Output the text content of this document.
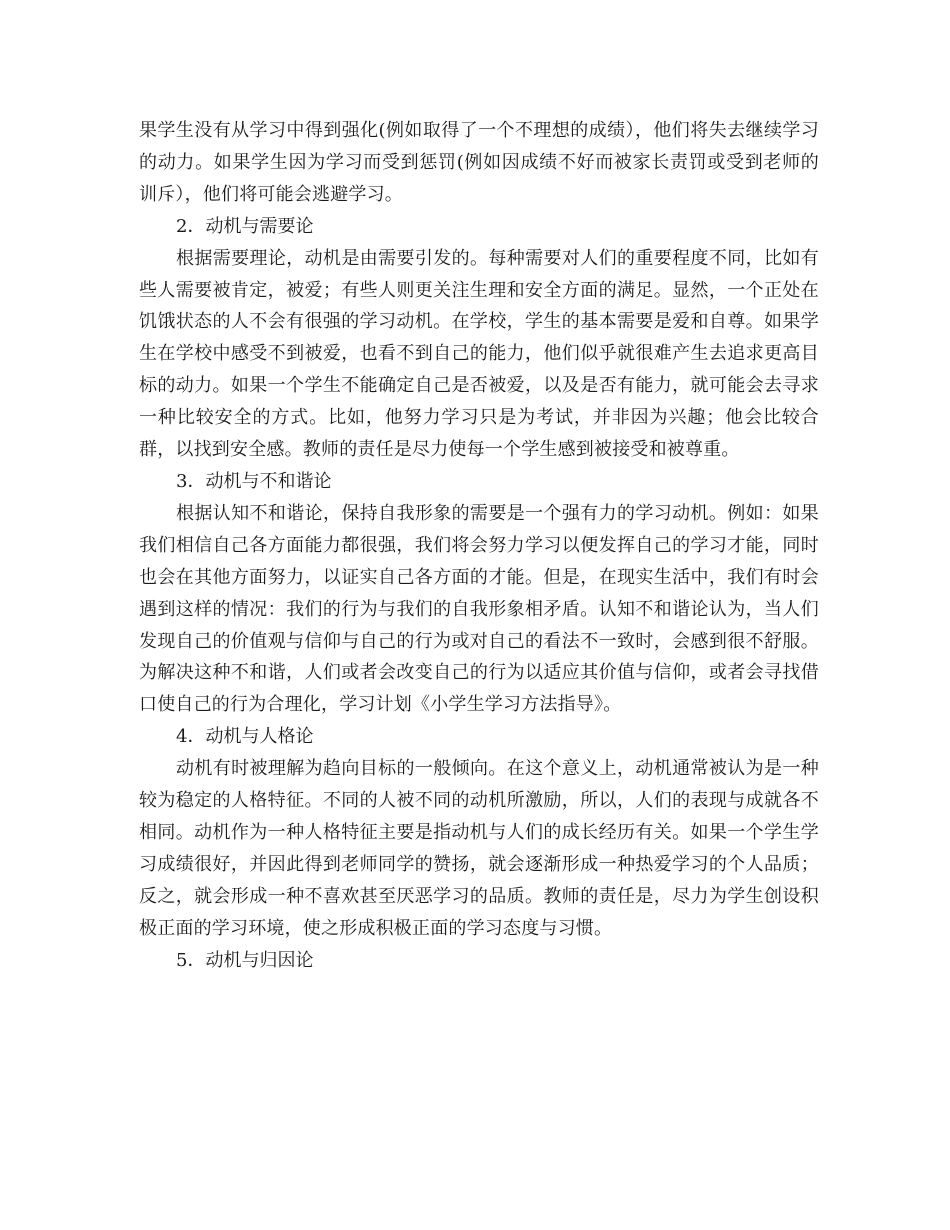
果学生没有从学习中得到强化(例如取得了一个不理想的成绩），他们将失去继续学习的动力。如果学生因为学习而受到惩罚(例如因成绩不好而被家长责罚或受到老师的训斥），他们将可能会逃避学习。

2．动机与需要论

根据需要理论，动机是由需要引发的。每种需要对人们的重要程度不同，比如有些人需要被肯定，被爱；有些人则更关注生理和安全方面的满足。显然，一个正处在饥饿状态的人不会有很强的学习动机。在学校，学生的基本需要是爱和自尊。如果学生在学校中感受不到被爱，也看不到自己的能力，他们似乎就很难产生去追求更高目标的动力。如果一个学生不能确定自己是否被爱，以及是否有能力，就可能会去寻求一种比较安全的方式。比如，他努力学习只是为考试，并非因为兴趣；他会比较合群，以找到安全感。教师的责任是尽力使每一个学生感到被接受和被尊重。

3．动机与不和谐论

根据认知不和谐论，保持自我形象的需要是一个强有力的学习动机。例如：如果我们相信自己各方面能力都很强，我们将会努力学习以便发挥自己的学习才能，同时也会在其他方面努力，以证实自己各方面的才能。但是，在现实生活中，我们有时会遇到这样的情况：我们的行为与我们的自我形象相矛盾。认知不和谐论认为，当人们发现自己的价值观与信仰与自己的行为或对自己的看法不一致时，会感到很不舒服。为解决这种不和谐，人们或者会改变自己的行为以适应其价值与信仰，或者会寻找借口使自己的行为合理化，学习计划《小学生学习方法指导》。

4．动机与人格论

动机有时被理解为趋向目标的一般倾向。在这个意义上，动机通常被认为是一种较为稳定的人格特征。不同的人被不同的动机所激励，所以，人们的表现与成就各不相同。动机作为一种人格特征主要是指动机与人们的成长经历有关。如果一个学生学习成绩很好，并因此得到老师同学的赞扬，就会逐渐形成一种热爱学习的个人品质；反之，就会形成一种不喜欢甚至厌恶学习的品质。教师的责任是，尽力为学生创设积极正面的学习环境，使之形成积极正面的学习态度与习惯。

5．动机与归因论
